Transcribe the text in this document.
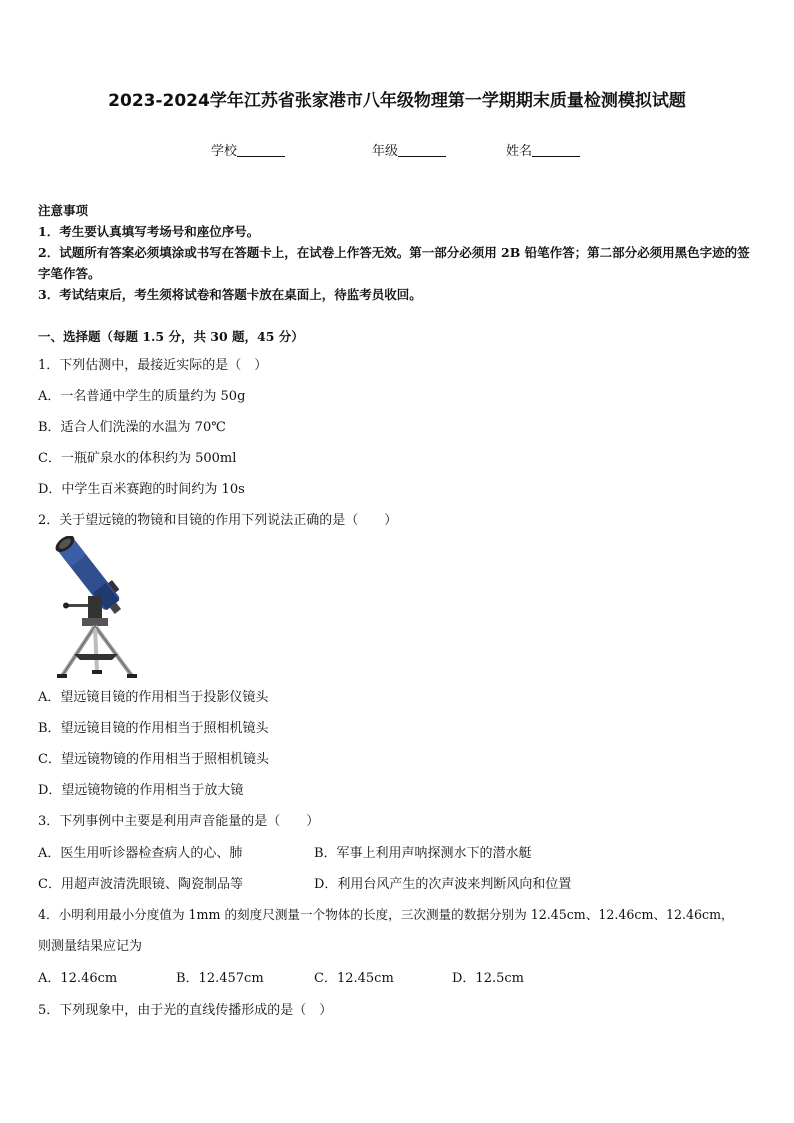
2023-2024学年江苏省张家港市八年级物理第一学期期末质量检测模拟试题
学校	年级	姓名
注意事项
1．考生要认真填写考场号和座位序号。
2．试题所有答案必须填涂或书写在答题卡上，在试卷上作答无效。第一部分必须用 2B 铅笔作答；第二部分必须用黑色字迹的签字笔作答。
3．考试结束后，考生须将试卷和答题卡放在桌面上，待监考员收回。
一、选择题（每题 1.5 分，共 30 题，45 分）
1．下列估测中，最接近实际的是（　）
A．一名普通中学生的质量约为 50g
B．适合人们洗澡的水温为 70℃
C．一瓶矿泉水的体积约为 500ml
D．中学生百米赛跑的时间约为 10s
2．关于望远镜的物镜和目镜的作用下列说法正确的是（　　）
A．望远镜目镜的作用相当于投影仪镜头
B．望远镜目镜的作用相当于照相机镜头
C．望远镜物镜的作用相当于照相机镜头
D．望远镜物镜的作用相当于放大镜
3．下列事例中主要是利用声音能量的是（　　）
A．医生用听诊器检查病人的心、肺	B．军事上利用声呐探测水下的潜水艇
C．用超声波清洗眼镜、陶瓷制品等	D．利用台风产生的次声波来判断风向和位置
4．小明利用最小分度值为 1mm 的刻度尺测量一个物体的长度，三次测量的数据分别为 12.45cm、12.46cm、12.46cm，
则测量结果应记为
A．12.46cm	B．12.457cm	C．12.45cm	D．12.5cm
5．下列现象中，由于光的直线传播形成的是（　）
